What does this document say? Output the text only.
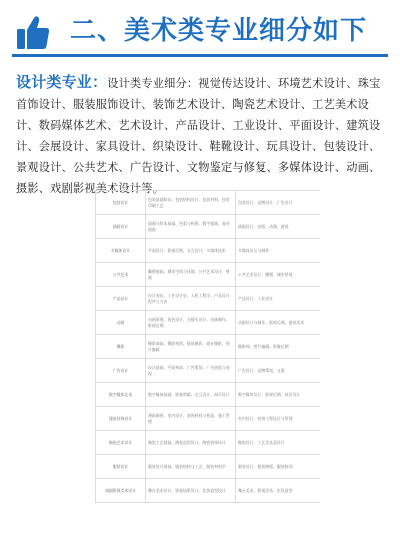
二、美术类专业细分如下
设计类专业：设计类专业细分：视觉传达设计、环境艺术设计、珠宝首饰设计、服装服饰设计、装饰艺术设计、陶瓷艺术设计、工艺美术设计、数码媒体艺术、艺术设计、产品设计、工业设计、平面设计、建筑设计、会展设计、家具设计、织染设计、鞋靴设计、玩具设计、包装设计、景观设计、公共艺术、广告设计、文物鉴定与修复、多媒体设计、动画、摄影、戏剧影视美术设计等。
包装设计	包装基础知识、包装结构设计、包装材料、包装印刷工艺	包装设计、品牌设计、广告设计
插画设计	插画与绘本基础、色彩与构图、数字插画、商业插画	插画设计、出版、动漫、游戏
多媒体设计	平面设计、影视后期、交互设计、多媒体技术	多媒体设计与制作
公共艺术	雕塑基础、城市空间与环境、公共艺术设计、壁画	公共艺术设计、雕塑、城市景观
产品设计	设计表达、工业设计史、人机工程学、产品设计程序与方法	产品设计、工业设计
动画	动画原理、角色设计、分镜头设计、动画制作、影视后期	动画设计与制作、影视后期、游戏美术
摄影	摄影基础、摄影构图、数码摄影、商业摄影、图片编辑	摄影师、图片编辑、影像后期
广告设计	设计基础、平面构成、广告策划、广告创意与表现	广告设计、品牌策划、文案
数字媒体艺术	数字媒体基础、影视剪辑、交互设计、网页设计	数字媒体设计、影视后期、网页设计
建筑装饰设计	建筑制图、室内设计、装饰材料与构造、施工管理	室内设计、装饰工程设计与管理
陶瓷艺术设计	陶瓷工艺基础、陶瓷造型设计、陶瓷装饰设计	陶瓷设计、工艺美术品设计
服装设计	服装设计基础、服装结构与工艺、服装材料学	服装设计、服装制版、服装陈列
戏剧影视美术设计	舞台美术设计、影视场景设计、化妆造型设计	舞台美术、影视美术、化妆造型
